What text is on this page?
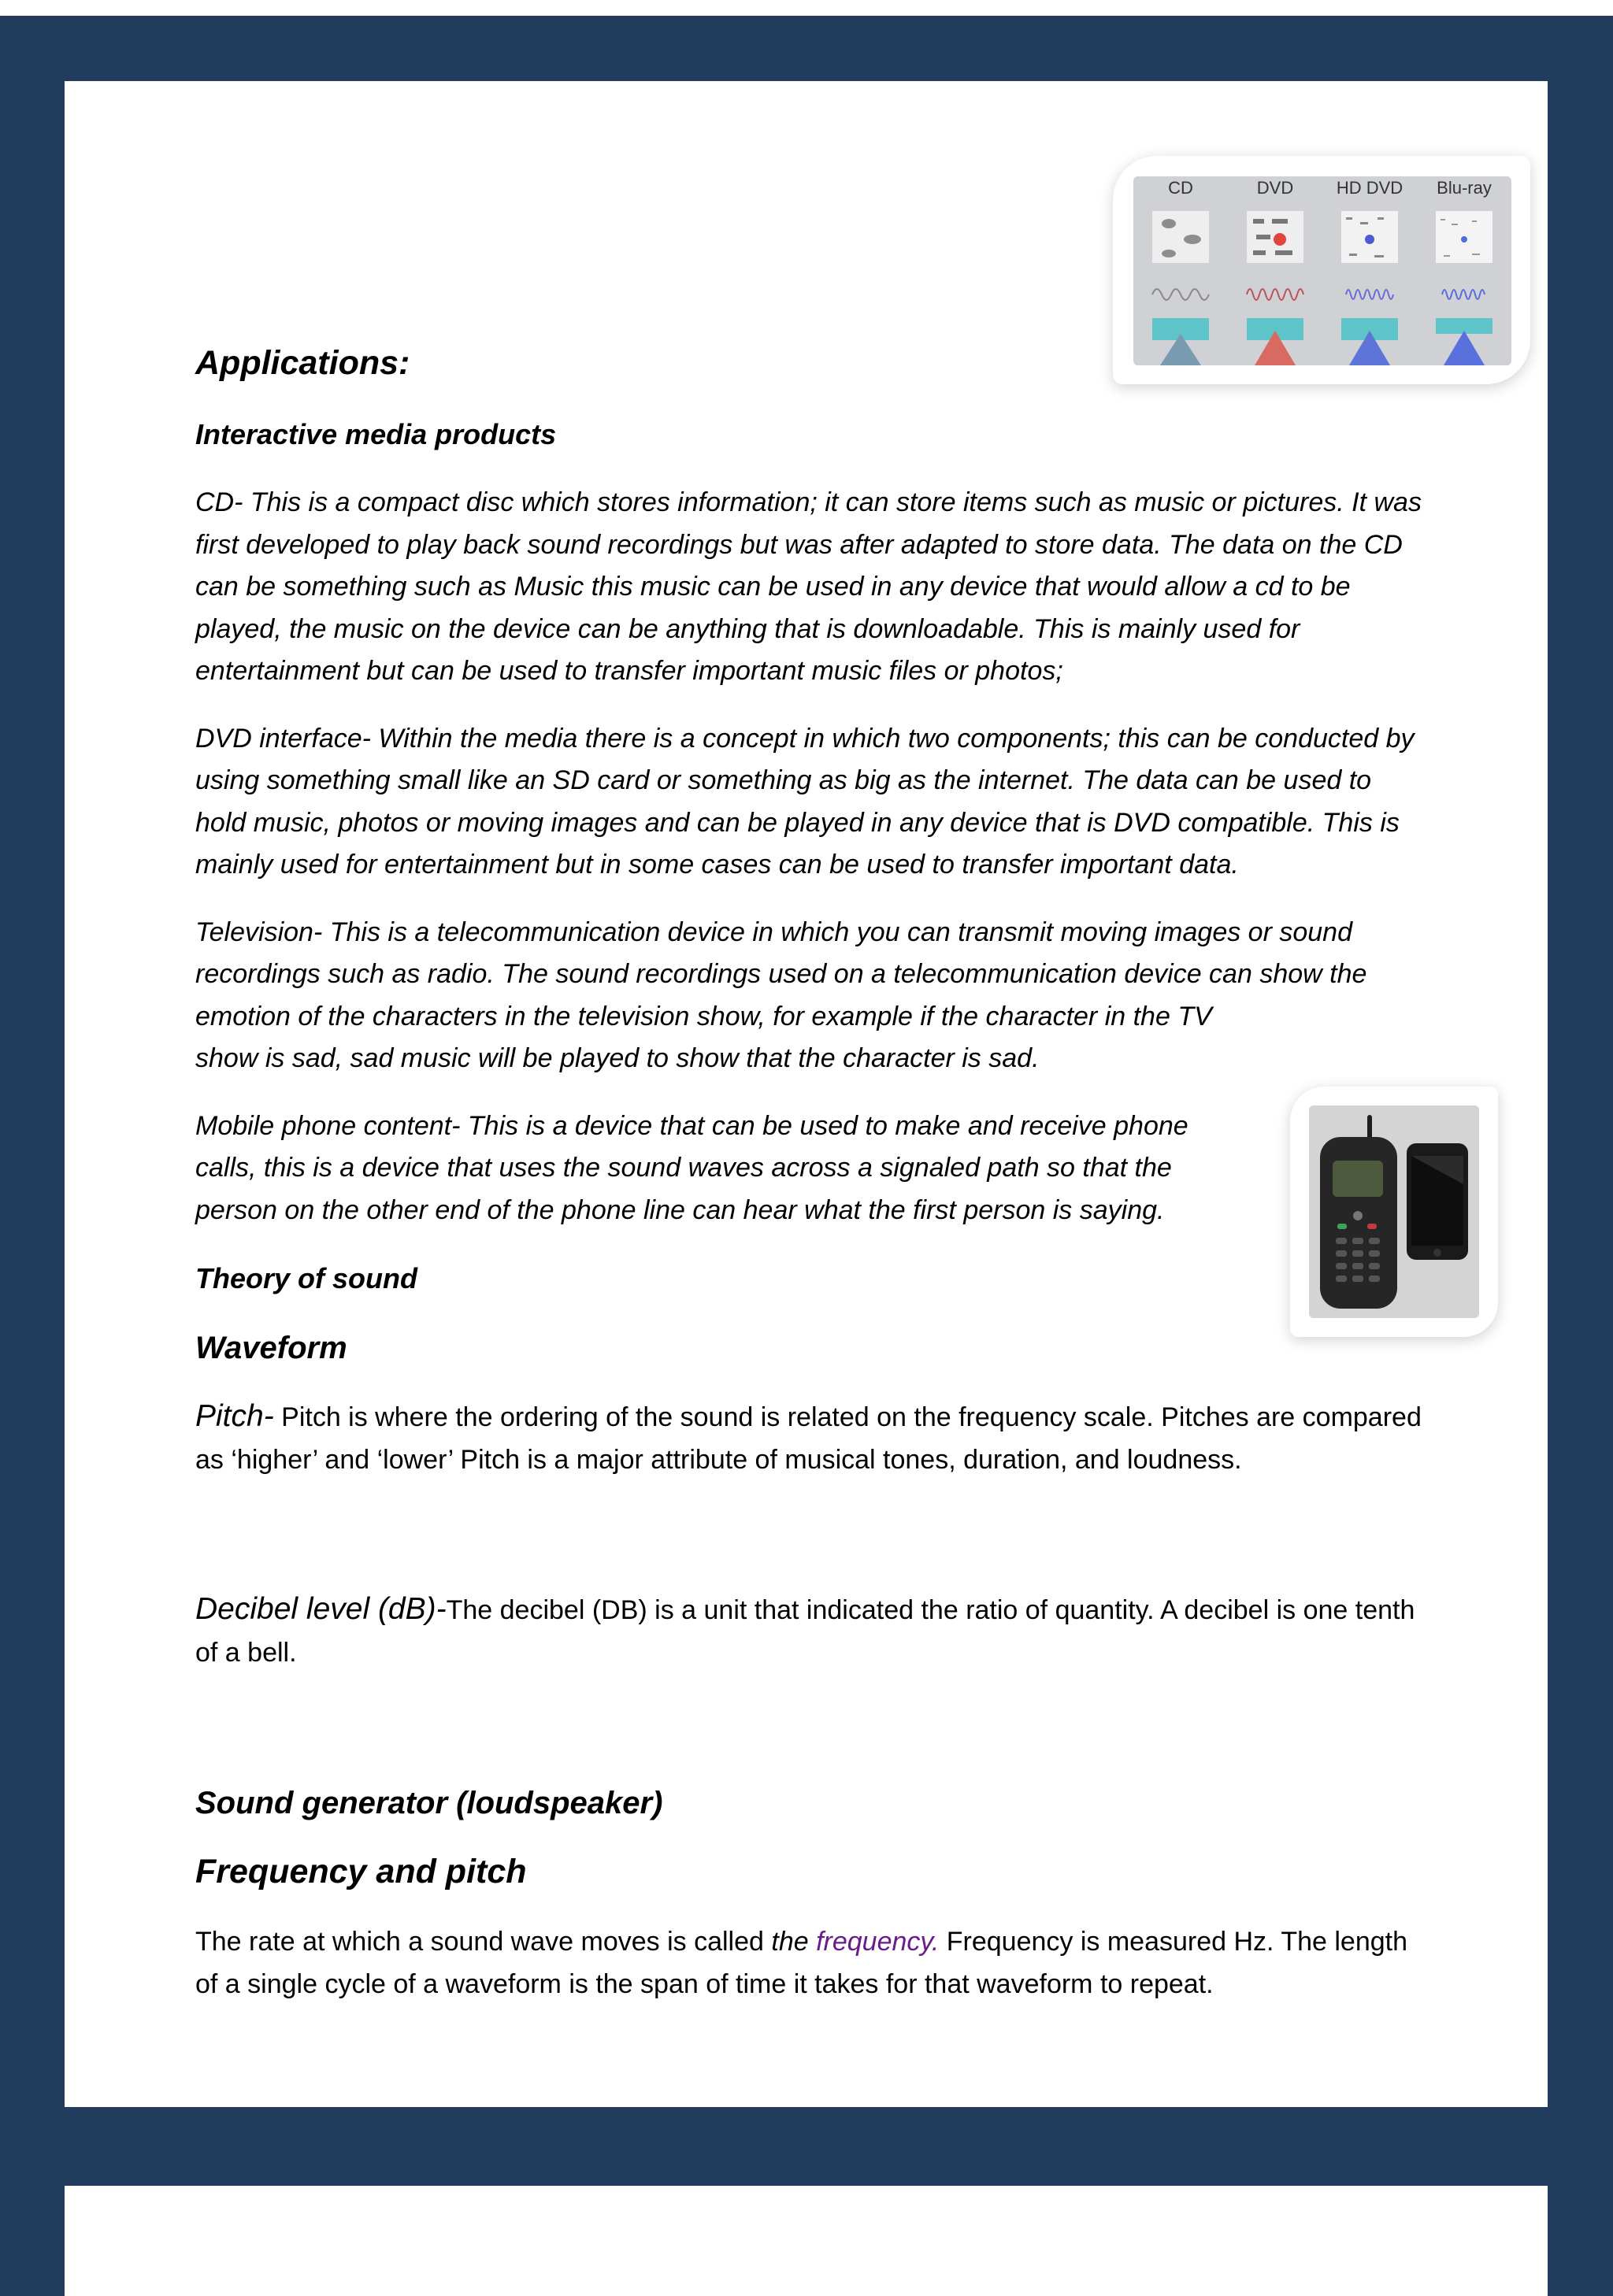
CD	DVD HD DVD Blu-ray
Applications:
Interactive media products

CD- This is a compact disc which stores information; it can store items such as music or pictures. It was first developed to play back sound recordings but was after adapted to store data. The data on the CD can be something such as Music this music can be used in any device that would allow a cd to be played, the music on the device can be anything that is downloadable. This is mainly used for entertainment but can be used to transfer important music files or photos;

DVD interface- Within the media there is a concept in which two components; this can be conducted by using something small like an SD card or something as big as the internet. The data can be used to hold music, photos or moving images and can be played in any device that is DVD compatible. This is mainly used for entertainment but in some cases can be used to transfer important data.

Television- This is a telecommunication device in which you can transmit moving images or sound recordings such as radio. The sound recordings used on a telecommunication device can show the emotion of the characters in the television show, for example if the character in the TV
show is sad, sad music will be played to show that the character is sad.

Mobile phone content- This is a device that can be used to make and receive phone calls, this is a device that uses the sound waves across a signaled path so that the person on the other end of the phone line can hear what the first person is saying.

Theory of sound
Waveform

Pitch- Pitch is where the ordering of the sound is related on the frequency scale. Pitches are compared as ‘higher’ and ‘lower’ Pitch is a major attribute of musical tones, duration, and loudness.

Decibel level (dB)-The decibel (DB) is a unit that indicated the ratio of quantity. A decibel is one tenth of a bell.

Sound generator (loudspeaker)
Frequency and pitch

The rate at which a sound wave moves is called the frequency. Frequency is measured Hz. The length of a single cycle of a waveform is the span of time it takes for that waveform to repeat.
